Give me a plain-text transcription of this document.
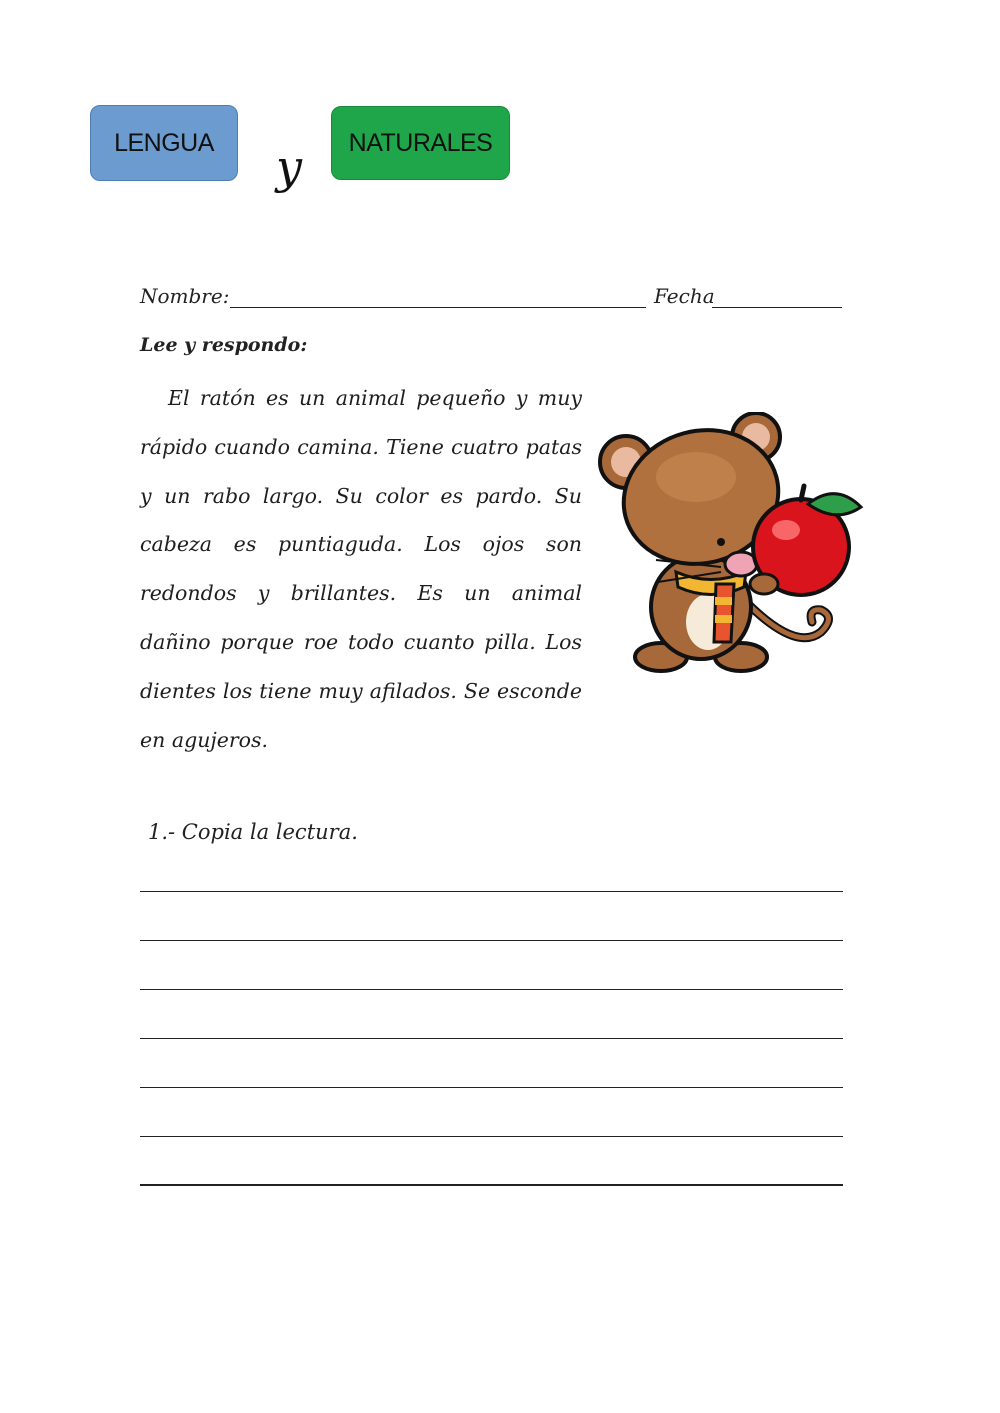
LENGUA y NATURALES
Nombre:	Fecha
Lee y respondo:

El ratón es un animal pequeño y muy rápido cuando camina. Tiene cuatro patas y un rabo largo. Su color es pardo. Su cabeza es puntiaguda. Los ojos son redondos y brillantes. Es un animal dañino porque roe todo cuanto pilla. Los dientes los tiene muy afilados. Se esconde en agujeros.

1.- Copia la lectura.
